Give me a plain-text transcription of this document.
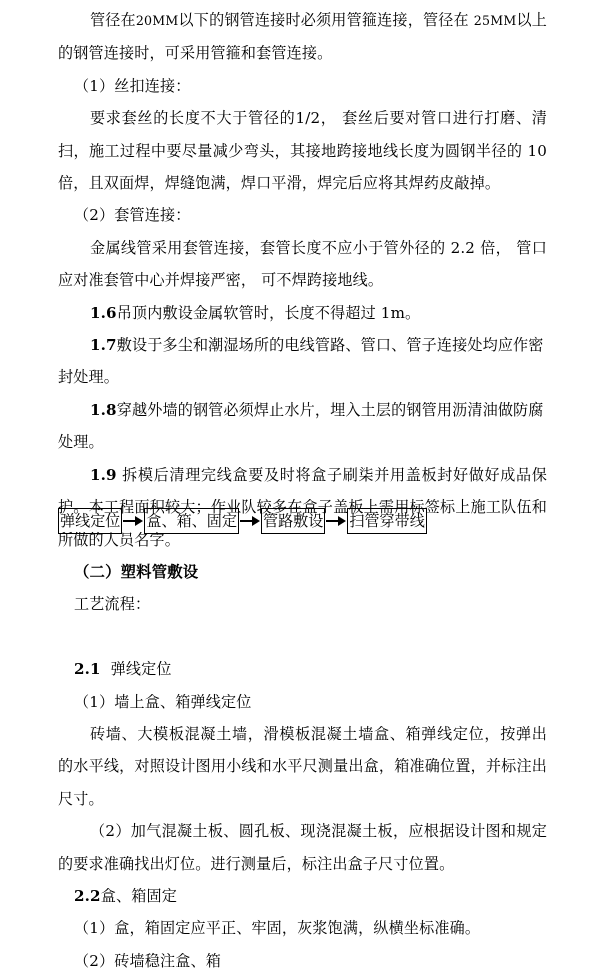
管径在20MM以下的钢管连接时必须用管箍连接，管径在 25MM以上的钢管连接时，可采用管箍和套管连接。

（1）丝扣连接：

要求套丝的长度不大于管径的1/2， 套丝后要对管口进行打磨、清扫，施工过程中要尽量减少弯头，其接地跨接地线长度为圆钢半径的 10 倍，且双面焊，焊缝饱满，焊口平滑，焊完后应将其焊药皮敲掉。

（2）套管连接：

金属线管采用套管连接，套管长度不应小于管外径的 2.2 倍， 管口应对准套管中心并焊接严密， 可不焊跨接地线。

1.6吊顶内敷设金属软管时，长度不得超过 1m。

1.7敷设于多尘和潮湿场所的电线管路、管口、管子连接处均应作密封处理。

1.8穿越外墙的钢管必须焊止水片，埋入土层的钢管用沥清油做防腐处理。

1.9 拆模后清理完线盒要及时将盒子刷柒并用盖板封好做好成品保护。本工程面积较大；作业队较多在盒子盖板上需用标签标上施工队伍和所做的人员名字。

（二）塑料管敷设

工艺流程：

2.1  弹线定位

（1）墙上盒、箱弹线定位

砖墙、大模板混凝土墙，滑模板混凝土墙盒、箱弹线定位，按弹出的水平线，对照设计图用小线和水平尺测量出盒，箱准确位置，并标注出尺寸。

（2）加气混凝土板、圆孔板、现浇混凝土板，应根据设计图和规定的要求准确找出灯位。进行测量后，标注出盒子尺寸位置。

2.2盒、箱固定

（1）盒，箱固定应平正、牢固，灰浆饱满，纵横坐标准确。

（2）砖墙稳注盒、箱

弹线定位 盒、箱、固定 管路敷设 扫管穿带线
